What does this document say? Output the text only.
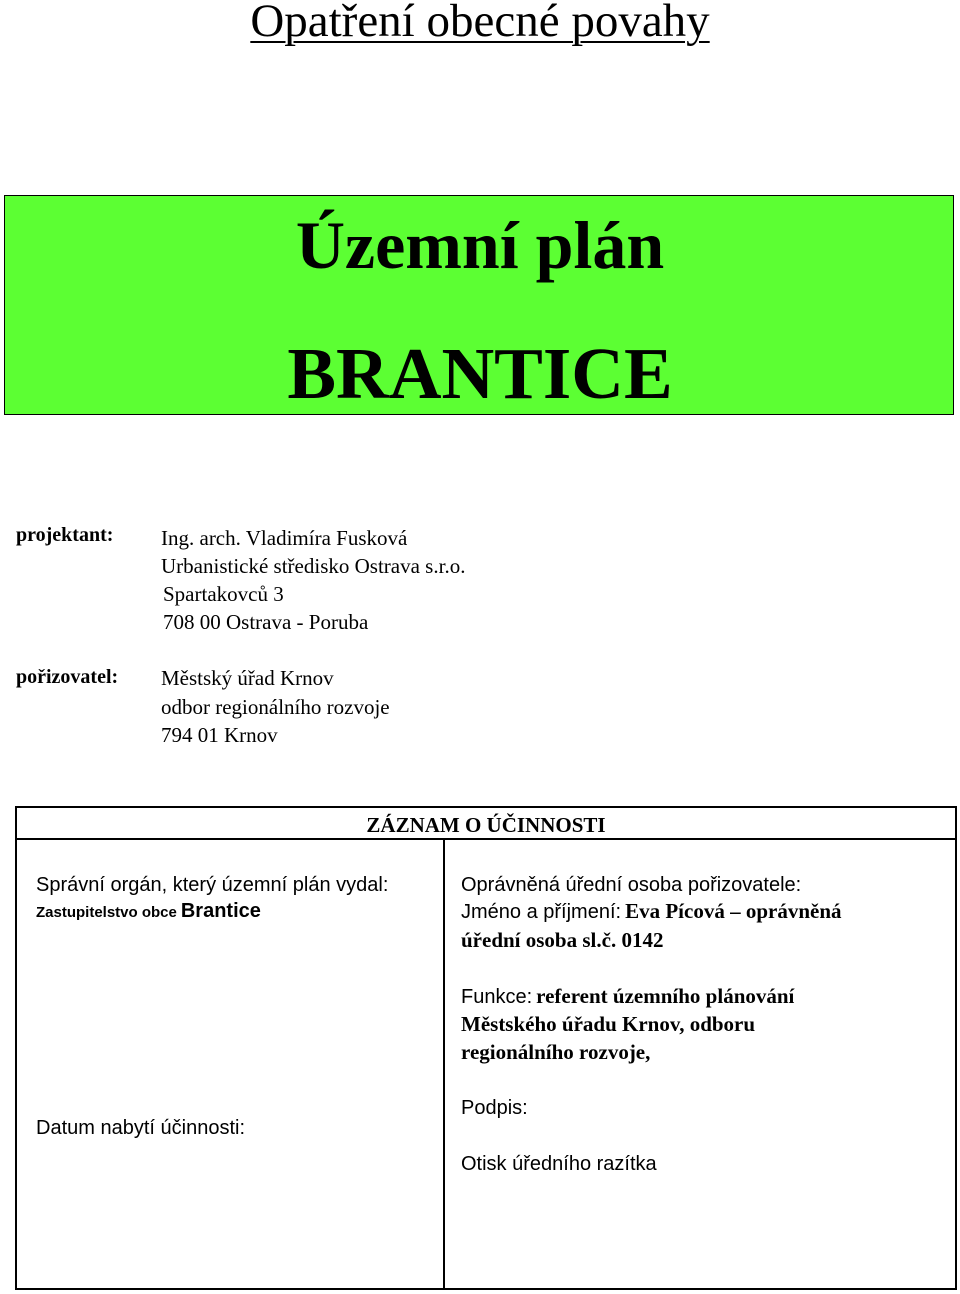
Opatření obecné povahy
Územní plán
BRANTICE
projektant: Ing. arch. Vladimíra Fusková
Urbanistické středisko Ostrava s.r.o.
Spartakovců 3
708 00 Ostrava - Poruba
pořizovatel: Městský úřad Krnov
odbor regionálního rozvoje
794 01 Krnov
ZÁZNAM O ÚČINNOSTI
Správní orgán, který územní plán vydal:
Zastupitelstvo obce Brantice
Datum nabytí účinnosti:
Oprávněná úřední osoba pořizovatele:
Jméno a příjmení: Eva Pícová – oprávněná
úřední osoba sl.č. 0142
Funkce: referent územního plánování
Městského úřadu Krnov, odboru
regionálního rozvoje,
Podpis:
Otisk úředního razítka
